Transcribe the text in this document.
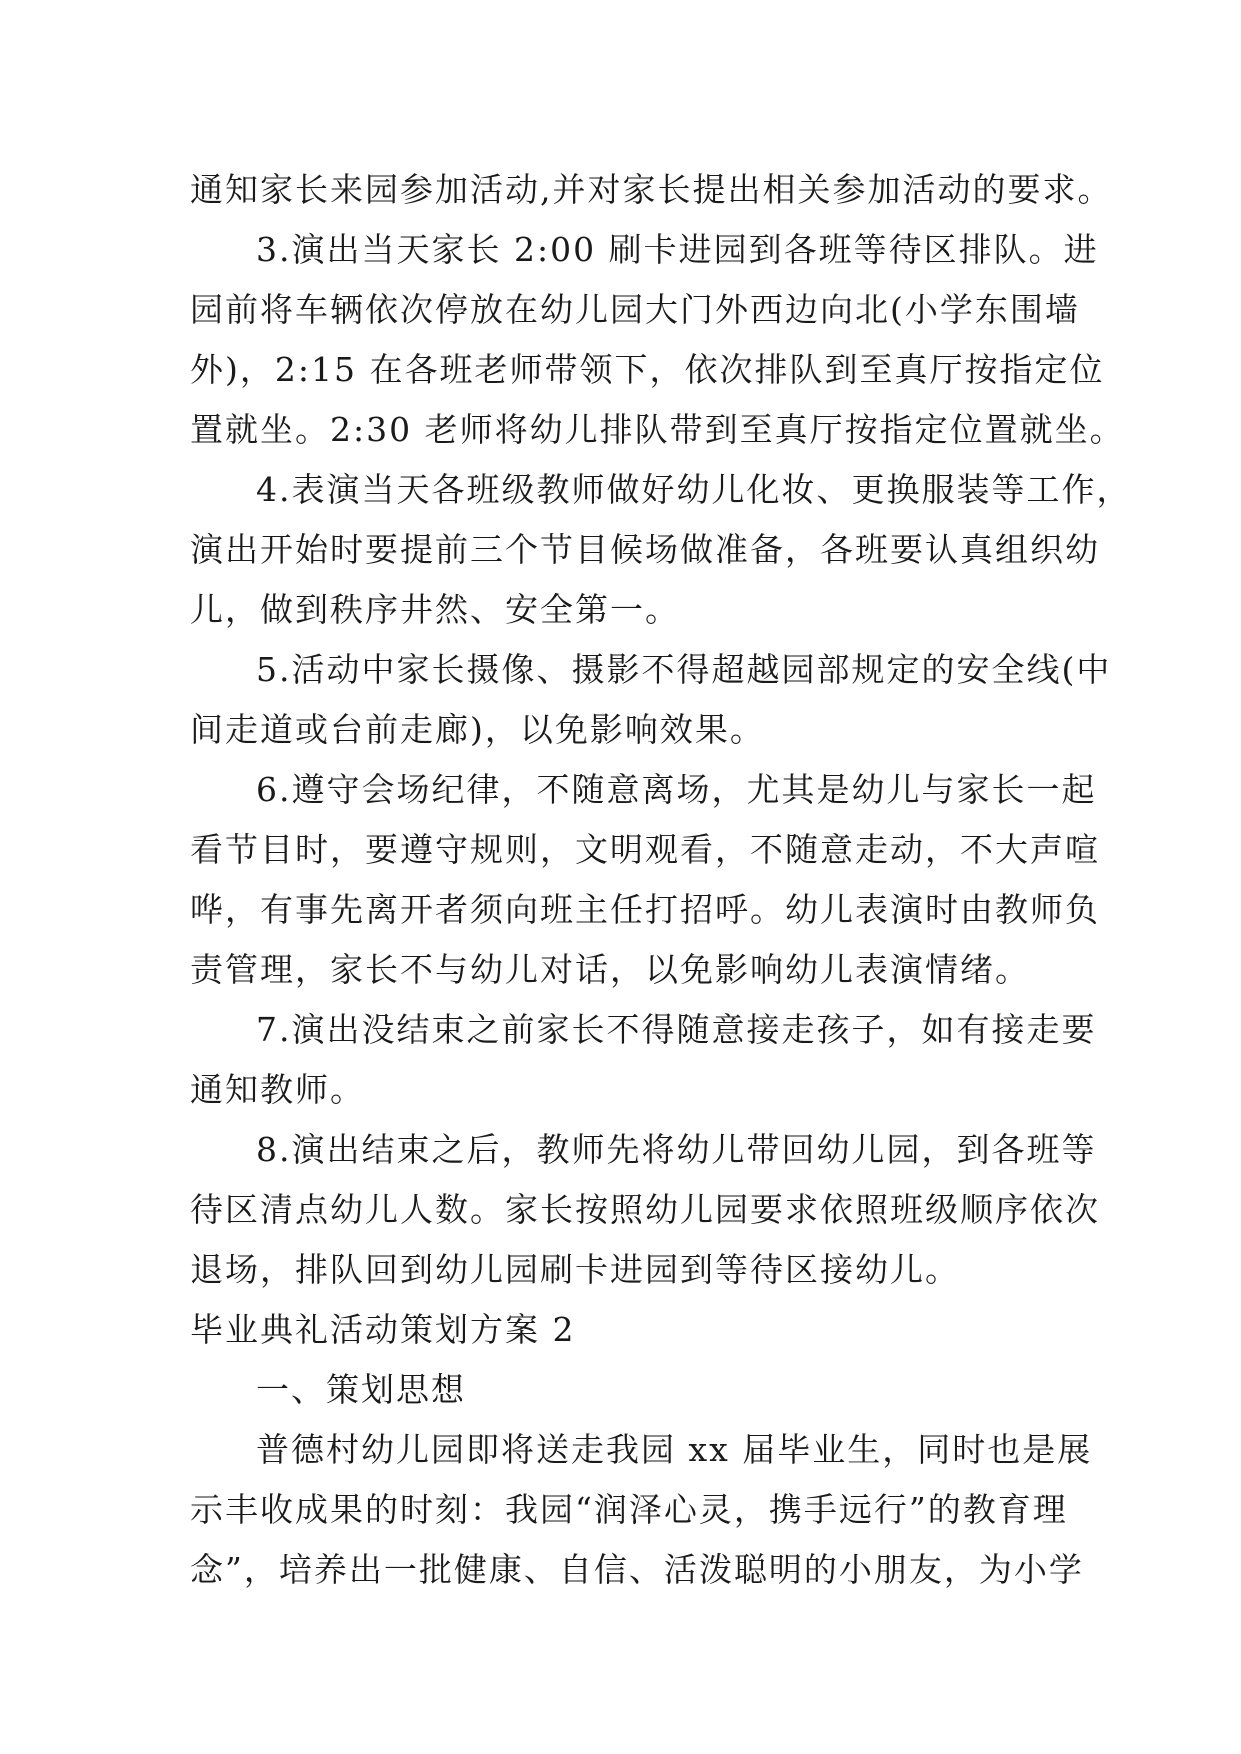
通知家长来园参加活动,并对家长提出相关参加活动的要求。
3.演出当天家长 2:00 刷卡进园到各班等待区排队。进
园前将车辆依次停放在幼儿园大门外西边向北(小学东围墙
外)，2:15 在各班老师带领下，依次排队到至真厅按指定位
置就坐。2:30 老师将幼儿排队带到至真厅按指定位置就坐。
4.表演当天各班级教师做好幼儿化妆、更换服装等工作，
演出开始时要提前三个节目候场做准备，各班要认真组织幼
儿，做到秩序井然、安全第一。
5.活动中家长摄像、摄影不得超越园部规定的安全线(中
间走道或台前走廊)，以免影响效果。
6.遵守会场纪律，不随意离场，尤其是幼儿与家长一起
看节目时，要遵守规则，文明观看，不随意走动，不大声喧
哗，有事先离开者须向班主任打招呼。幼儿表演时由教师负
责管理，家长不与幼儿对话，以免影响幼儿表演情绪。
7.演出没结束之前家长不得随意接走孩子，如有接走要
通知教师。
8.演出结束之后，教师先将幼儿带回幼儿园，到各班等
待区清点幼儿人数。家长按照幼儿园要求依照班级顺序依次
退场，排队回到幼儿园刷卡进园到等待区接幼儿。
毕业典礼活动策划方案 2
一、策划思想
普德村幼儿园即将送走我园 xx 届毕业生，同时也是展
示丰收成果的时刻：我园“润泽心灵，携手远行”的教育理
念”，培养出一批健康、自信、活泼聪明的小朋友，为小学
